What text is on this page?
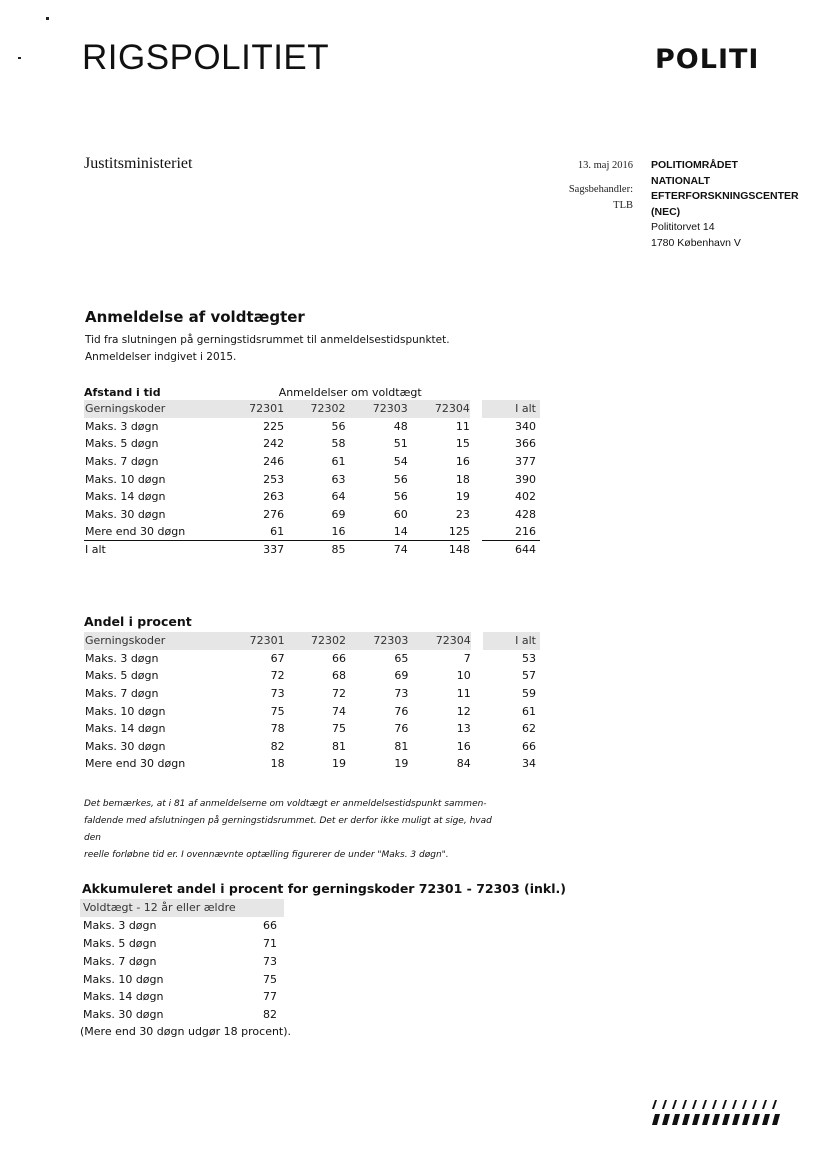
RIGSPOLITIET	POLITI
Justitsministeriet	13. maj 2016
Sagsbehandler:
TLB
POLITIOMRÅDET
NATIONALT
EFTERFORSKNINGSCENTER
(NEC)
Polititorvet 14
1780 København V
Anmeldelse af voldtægter
Tid fra slutningen på gerningstidsrummet til anmeldelsestidspunktet.
Anmeldelser indgivet i 2015.
Afstand i tid	Anmeldelser om voldtægt					
Gerningskoder	72301	72302	72303	72304		I alt
Maks. 3 døgn	225	56	48	11		340
Maks. 5 døgn	242	58	51	15		366
Maks. 7 døgn	246	61	54	16		377
Maks. 10 døgn	253	63	56	18		390
Maks. 14 døgn	263	64	56	19		402
Maks. 30 døgn	276	69	60	23		428
Mere end 30 døgn	61	16	14	125		216
I alt	337	85	74	148		644
Andel i procent
Gerningskoder	72301	72302	72303	72304		I alt
Maks. 3 døgn	67	66	65	7		53
Maks. 5 døgn	72	68	69	10		57
Maks. 7 døgn	73	72	73	11		59
Maks. 10 døgn	75	74	76	12		61
Maks. 14 døgn	78	75	76	13		62
Maks. 30 døgn	82	81	81	16		66
Mere end 30 døgn	18	19	19	84		34
Det bemærkes, at i 81 af anmeldelserne om voldtægt er anmeldelsestidspunkt sammen-
faldende med afslutningen på gerningstidsrummet. Det er derfor ikke muligt at sige, hvad den
reelle forløbne tid er. I ovennævnte optælling figurerer de under "Maks. 3 døgn".
Akkumuleret andel i procent for gerningskoder 72301 - 72303 (inkl.)
Voldtægt - 12 år eller ældre	
Maks. 3 døgn	66
Maks. 5 døgn	71
Maks. 7 døgn	73
Maks. 10 døgn	75
Maks. 14 døgn	77
Maks. 30 døgn	82
(Mere end 30 døgn udgør 18 procent).
